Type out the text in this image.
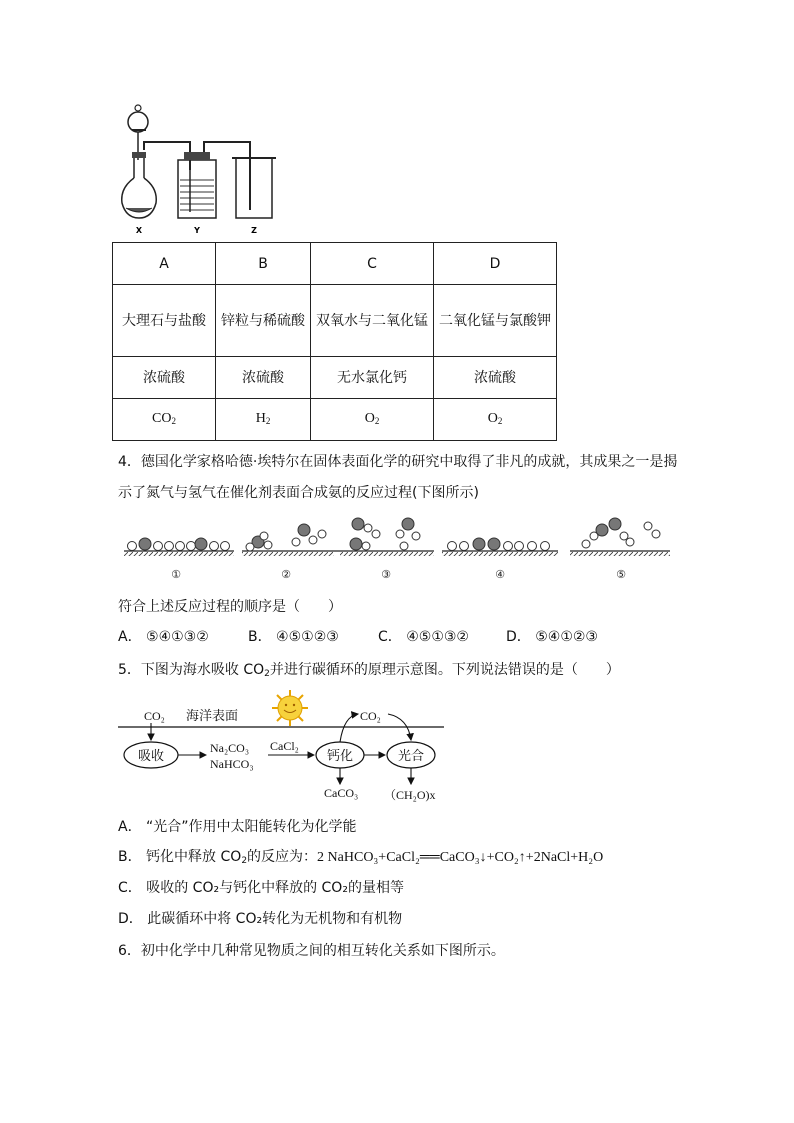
X	Y	Z
A	B	C	D
大理石与盐酸	锌粒与稀硫酸	双氧水与二氧化锰	二氧化锰与氯酸钾
浓硫酸	浓硫酸	无水氯化钙	浓硫酸
$CO_2$	$H_2$	$O_2$	$O_2$
4．德国化学家格哈德·埃特尔在固体表面化学的研究中取得了非凡的成就，其成果之一是揭
示了氮气与氢气在催化剂表面合成氨的反应过程(下图所示)
①	②	③	④	⑤
符合上述反应过程的顺序是（　　）
A． ⑤④①③②	B． ④⑤①②③	C． ④⑤①③②	D． ⑤④①②③
5．下图为海水吸收 $CO_2$并进行碳循环的原理示意图。下列说法错误的是（　　）
CO₂	CO₂
Na₂CO₃
NaHCO₃
CaCl₂
CaCO₃ （CH₂O)x
海洋表面
吸收	钙化	光合
A． “光合”作用中太阳能转化为化学能
B． 钙化中释放 $CO_2$的反应为：2 NaHCO₃+CaCl₂══CaCO₃↓+CO₂↑+2NaCl+H₂O
C． 吸收的 CO₂与钙化中释放的 CO₂的量相等
D． 此碳循环中将 CO₂转化为无机物和有机物
6．初中化学中几种常见物质之间的相互转化关系如下图所示。
